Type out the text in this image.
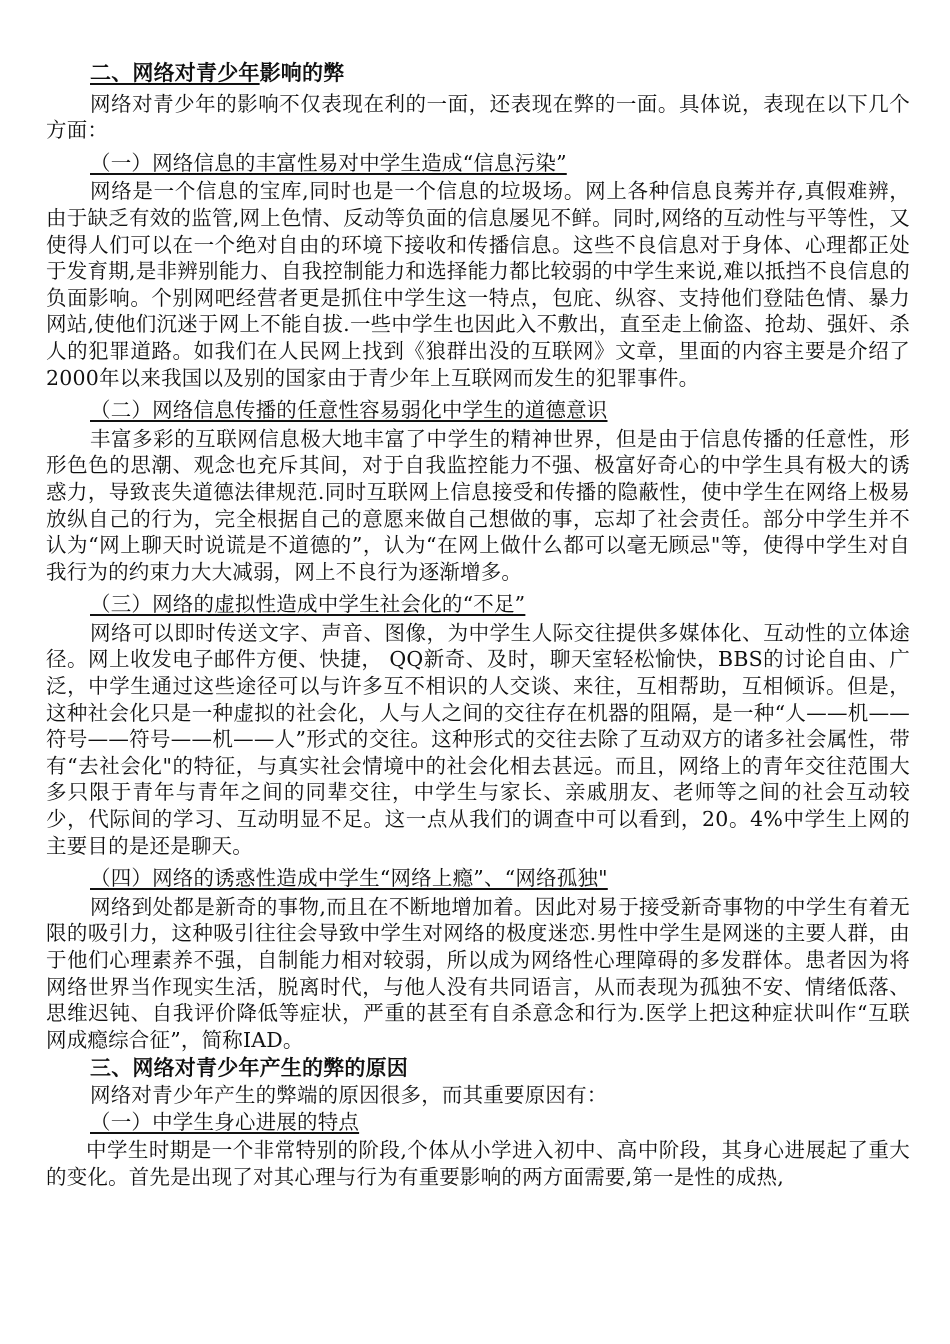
二、网络对青少年影响的弊

网络对青少年的影响不仅表现在利的一面，还表现在弊的一面。具体说，表现在以下几个方面：

（一）网络信息的丰富性易对中学生造成“信息污染”

网络是一个信息的宝库,同时也是一个信息的垃圾场。网上各种信息良莠并存,真假难辨，由于缺乏有效的监管,网上色情、反动等负面的信息屡见不鲜。同时,网络的互动性与平等性，又使得人们可以在一个绝对自由的环境下接收和传播信息。这些不良信息对于身体、心理都正处于发育期,是非辨别能力、自我控制能力和选择能力都比较弱的中学生来说,难以抵挡不良信息的负面影响。个别网吧经营者更是抓住中学生这一特点，包庇、纵容、支持他们登陆色情、暴力网站,使他们沉迷于网上不能自拔.一些中学生也因此入不敷出，直至走上偷盗、抢劫、强奸、杀人的犯罪道路。如我们在人民网上找到《狼群出没的互联网》文章，里面的内容主要是介绍了2000年以来我国以及别的国家由于青少年上互联网而发生的犯罪事件。

（二）网络信息传播的任意性容易弱化中学生的道德意识

丰富多彩的互联网信息极大地丰富了中学生的精神世界，但是由于信息传播的任意性，形形色色的思潮、观念也充斥其间，对于自我监控能力不强、极富好奇心的中学生具有极大的诱惑力，导致丧失道德法律规范.同时互联网上信息接受和传播的隐蔽性，使中学生在网络上极易放纵自己的行为，完全根据自己的意愿来做自己想做的事，忘却了社会责任。部分中学生并不认为“网上聊天时说谎是不道德的”，认为“在网上做什么都可以毫无顾忌"等，使得中学生对自我行为的约束力大大减弱，网上不良行为逐渐增多。

（三）网络的虚拟性造成中学生社会化的“不足”

网络可以即时传送文字、声音、图像，为中学生人际交往提供多媒体化、互动性的立体途径。网上收发电子邮件方便、快捷， QQ新奇、及时，聊天室轻松愉快，BBS的讨论自由、广泛，中学生通过这些途径可以与许多互不相识的人交谈、来往，互相帮助，互相倾诉。但是，这种社会化只是一种虚拟的社会化，人与人之间的交往存在机器的阻隔，是一种“人——机——符号——符号——机——人”形式的交往。这种形式的交往去除了互动双方的诸多社会属性，带有“去社会化"的特征，与真实社会情境中的社会化相去甚远。而且，网络上的青年交往范围大多只限于青年与青年之间的同辈交往，中学生与家长、亲戚朋友、老师等之间的社会互动较少，代际间的学习、互动明显不足。这一点从我们的调查中可以看到，20。4%中学生上网的主要目的是还是聊天。

（四）网络的诱惑性造成中学生“网络上瘾”、“网络孤独"

网络到处都是新奇的事物,而且在不断地增加着。因此对易于接受新奇事物的中学生有着无限的吸引力，这种吸引往往会导致中学生对网络的极度迷恋.男性中学生是网迷的主要人群，由于他们心理素养不强，自制能力相对较弱，所以成为网络性心理障碍的多发群体。患者因为将网络世界当作现实生活，脱离时代，与他人没有共同语言，从而表现为孤独不安、情绪低落、思维迟钝、自我评价降低等症状，严重的甚至有自杀意念和行为.医学上把这种症状叫作“互联网成瘾综合征”，简称IAD。

三、网络对青少年产生的弊的原因

网络对青少年产生的弊端的原因很多，而其重要原因有：

（一）中学生身心进展的特点

中学生时期是一个非常特别的阶段,个体从小学进入初中、高中阶段，其身心进展起了重大的变化。首先是出现了对其心理与行为有重要影响的两方面需要,第一是性的成热,
